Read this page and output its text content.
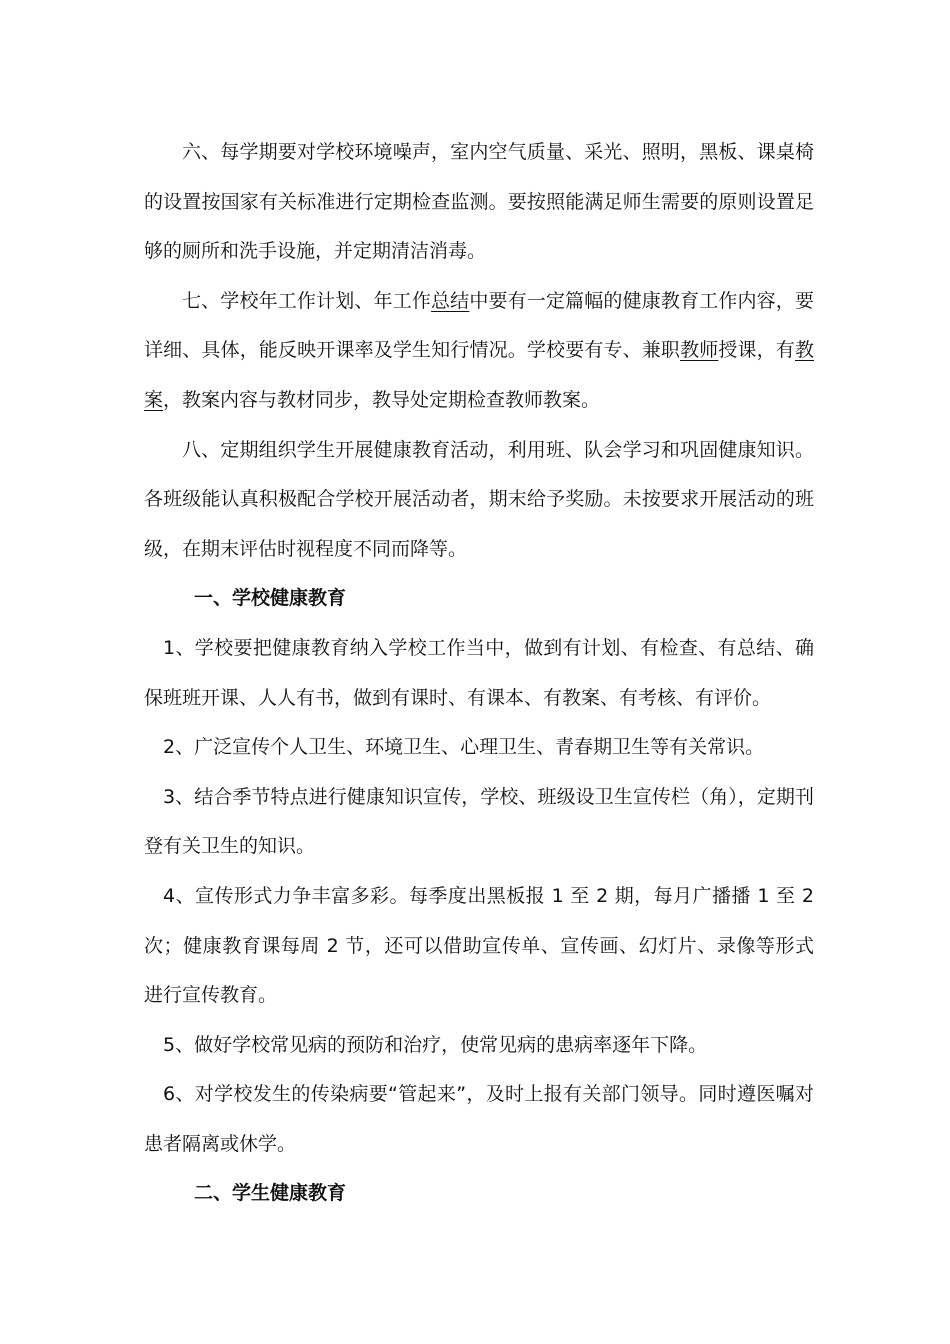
六、每学期要对学校环境噪声，室内空气质量、采光、照明，黑板、课桌椅的设置按国家有关标准进行定期检查监测。要按照能满足师生需要的原则设置足够的厕所和洗手设施，并定期清洁消毒。

七、学校年工作计划、年工作总结中要有一定篇幅的健康教育工作内容，要详细、具体，能反映开课率及学生知行情况。学校要有专、兼职教师授课，有教案，教案内容与教材同步，教导处定期检查教师教案。

八、定期组织学生开展健康教育活动，利用班、队会学习和巩固健康知识。各班级能认真积极配合学校开展活动者，期末给予奖励。未按要求开展活动的班级，在期末评估时视程度不同而降等。

一、学校健康教育

1、学校要把健康教育纳入学校工作当中，做到有计划、有检查、有总结、确保班班开课、人人有书，做到有课时、有课本、有教案、有考核、有评价。

2、广泛宣传个人卫生、环境卫生、心理卫生、青春期卫生等有关常识。

3、结合季节特点进行健康知识宣传，学校、班级设卫生宣传栏（角），定期刊登有关卫生的知识。

4、宣传形式力争丰富多彩。每季度出黑板报 1 至 2 期，每月广播播 1 至 2 次；健康教育课每周 2 节，还可以借助宣传单、宣传画、幻灯片、录像等形式进行宣传教育。

5、做好学校常见病的预防和治疗，使常见病的患病率逐年下降。

6、对学校发生的传染病要“管起来”，及时上报有关部门领导。同时遵医嘱对患者隔离或休学。

二、学生健康教育
